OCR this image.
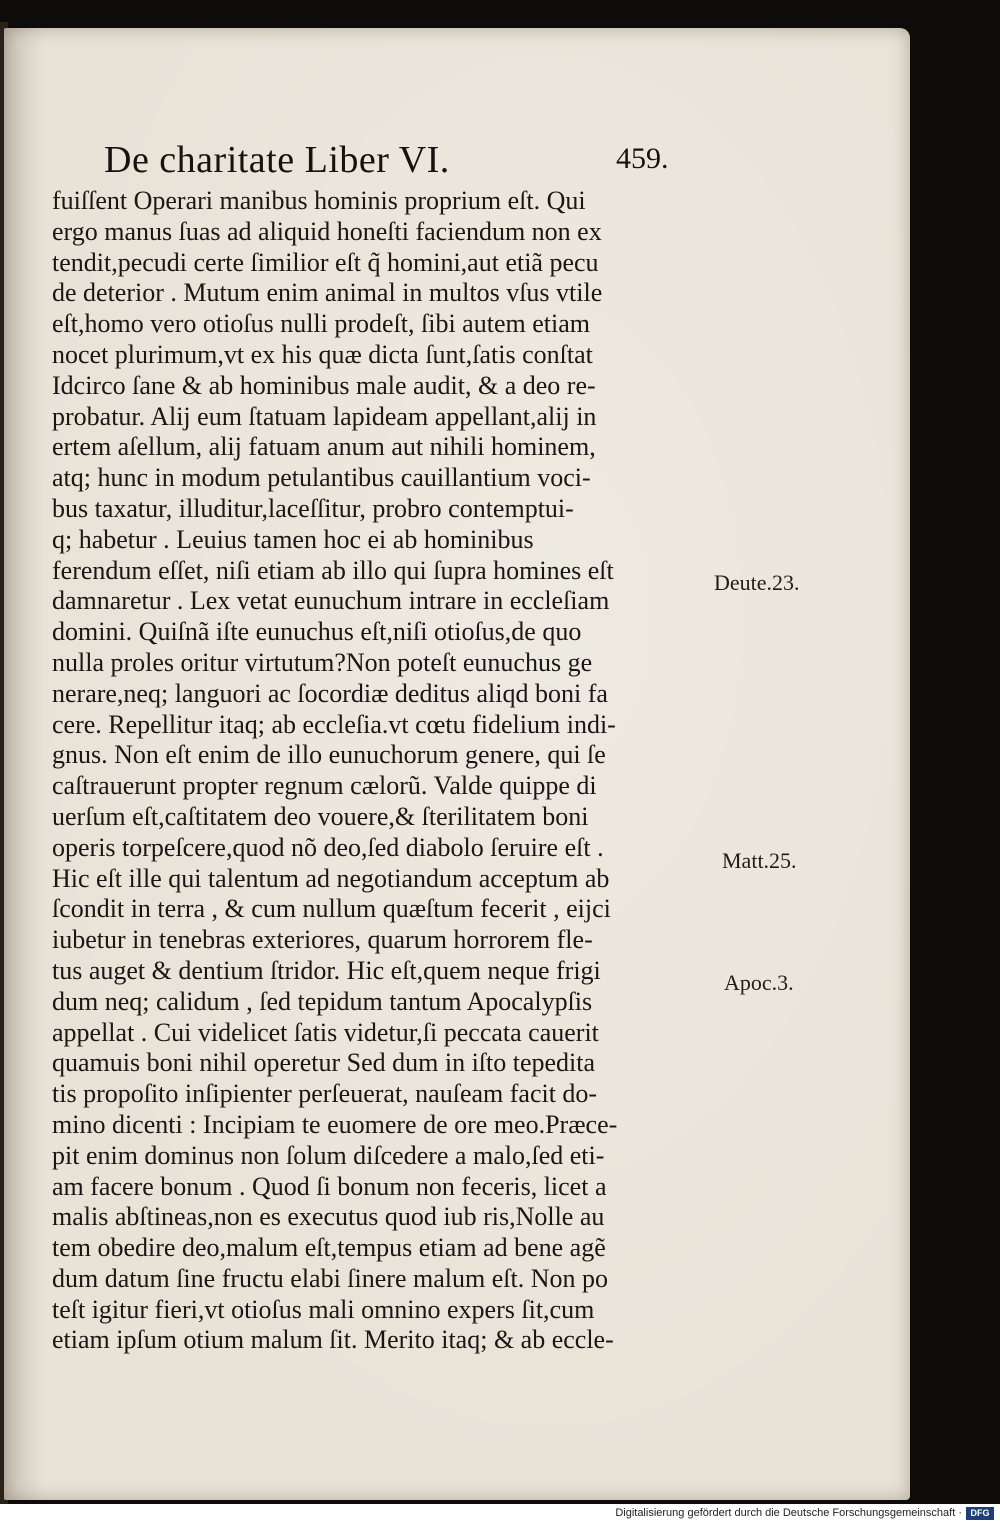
De charitate Liber VI.	459.
fuiſſent Operari manibus hominis proprium eſt. Qui
ergo manus ſuas ad aliquid honeſti faciendum non ex
tendit,pecudi certe ſimilior eſt q̃ homini,aut etiã pecu
de deterior . Mutum enim animal in multos vſus vtile
eſt,homo vero otioſus nulli prodeſt, ſibi autem etiam
nocet plurimum,vt ex his quæ dicta ſunt,ſatis conſtat
Idcirco ſane & ab hominibus male audit, & a deo re-
probatur. Alij eum ſtatuam lapideam appellant,alij in
ertem aſellum, alij fatuam anum aut nihili hominem,
atq; hunc in modum petulantibus cauillantium voci-
bus taxatur, illuditur,laceſſitur, probro contemptui-
q; habetur . Leuius tamen hoc ei ab hominibus
ferendum eſſet, niſi etiam ab illo qui ſupra homines eſt
damnaretur . Lex vetat eunuchum intrare in eccleſiam
domini. Quiſnã iſte eunuchus eſt,niſi otioſus,de quo
nulla proles oritur virtutum?Non poteſt eunuchus ge
nerare,neq; languori ac ſocordiæ deditus aliqd boni fa
cere. Repellitur itaq; ab eccleſia.vt cœtu fidelium indi-
gnus. Non eſt enim de illo eunuchorum genere, qui ſe
caſtrauerunt propter regnum cælorũ. Valde quippe di
uerſum eſt,caſtitatem deo vouere,& ſterilitatem boni
operis torpeſcere,quod nõ deo,ſed diabolo ſeruire eſt .
Hic eſt ille qui talentum ad negotiandum acceptum ab
ſcondit in terra , & cum nullum quæſtum fecerit , eijci
iubetur in tenebras exteriores, quarum horrorem fle-
tus auget & dentium ſtridor. Hic eſt,quem neque frigi
dum neq; calidum , ſed tepidum tantum Apocalypſis
appellat . Cui videlicet ſatis videtur,ſi peccata cauerit
quamuis boni nihil operetur Sed dum in iſto tepedita
tis propoſito inſipienter perſeuerat, nauſeam facit do-
mino dicenti : Incipiam te euomere de ore meo.Præce-
pit enim dominus non ſolum diſcedere a malo,ſed eti-
am facere bonum . Quod ſi bonum non feceris, licet a
malis abſtineas,non es executus quod iub ris,Nolle au
tem obedire deo,malum eſt,tempus etiam ad bene agẽ
dum datum ſine fructu elabi ſinere malum eſt. Non po
teſt igitur fieri,vt otioſus mali omnino expers ſit,cum
etiam ipſum otium malum ſit. Merito itaq; & ab eccle-
Deute.23.
Matt.25.
Apoc.3.
Digitalisierung gefördert durch die Deutsche Forschungsgemeinschaft · DFG
